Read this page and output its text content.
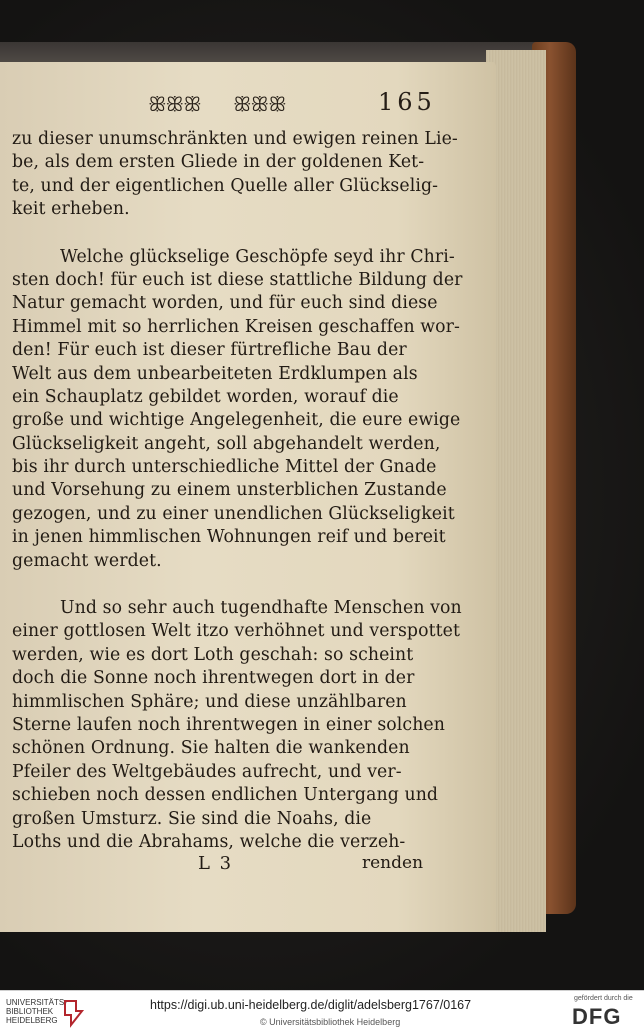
ꕥꕥꕥ ꕥꕥꕥ	165
zu dieser unumschränkten und ewigen reinen Lie-
be, als dem ersten Gliede in der goldenen Ket-
te, und der eigentlichen Quelle aller Glückselig-
keit erheben.
Welche glückselige Geschöpfe seyd ihr Chri-
sten doch! für euch ist diese stattliche Bildung der
Natur gemacht worden, und für euch sind diese
Himmel mit so herrlichen Kreisen geschaffen wor-
den! Für euch ist dieser fürtrefliche Bau der
Welt aus dem unbearbeiteten Erdklumpen als
ein Schauplatz gebildet worden, worauf die
große und wichtige Angelegenheit, die eure ewige
Glückseligkeit angeht, soll abgehandelt werden,
bis ihr durch unterschiedliche Mittel der Gnade
und Vorsehung zu einem unsterblichen Zustande
gezogen, und zu einer unendlichen Glückseligkeit
in jenen himmlischen Wohnungen reif und bereit
gemacht werdet.
Und so sehr auch tugendhafte Menschen von
einer gottlosen Welt itzo verhöhnet und verspottet
werden, wie es dort Loth geschah: so scheint
doch die Sonne noch ihrentwegen dort in der
himmlischen Sphäre; und diese unzählbaren
Sterne laufen noch ihrentwegen in einer solchen
schönen Ordnung. Sie halten die wankenden
Pfeiler des Weltgebäudes aufrecht, und ver-
schieben noch dessen endlichen Untergang und
großen Umsturz. Sie sind die Noahs, die
Loths und die Abrahams, welche die verzeh-
L 3	renden
UNIVERSITÄTS-
BIBLIOTHEK
HEIDELBERG
https://digi.ub.uni-heidelberg.de/diglit/adelsberg1767/0167
© Universitätsbibliothek Heidelberg
gefördert durch die
DFG
